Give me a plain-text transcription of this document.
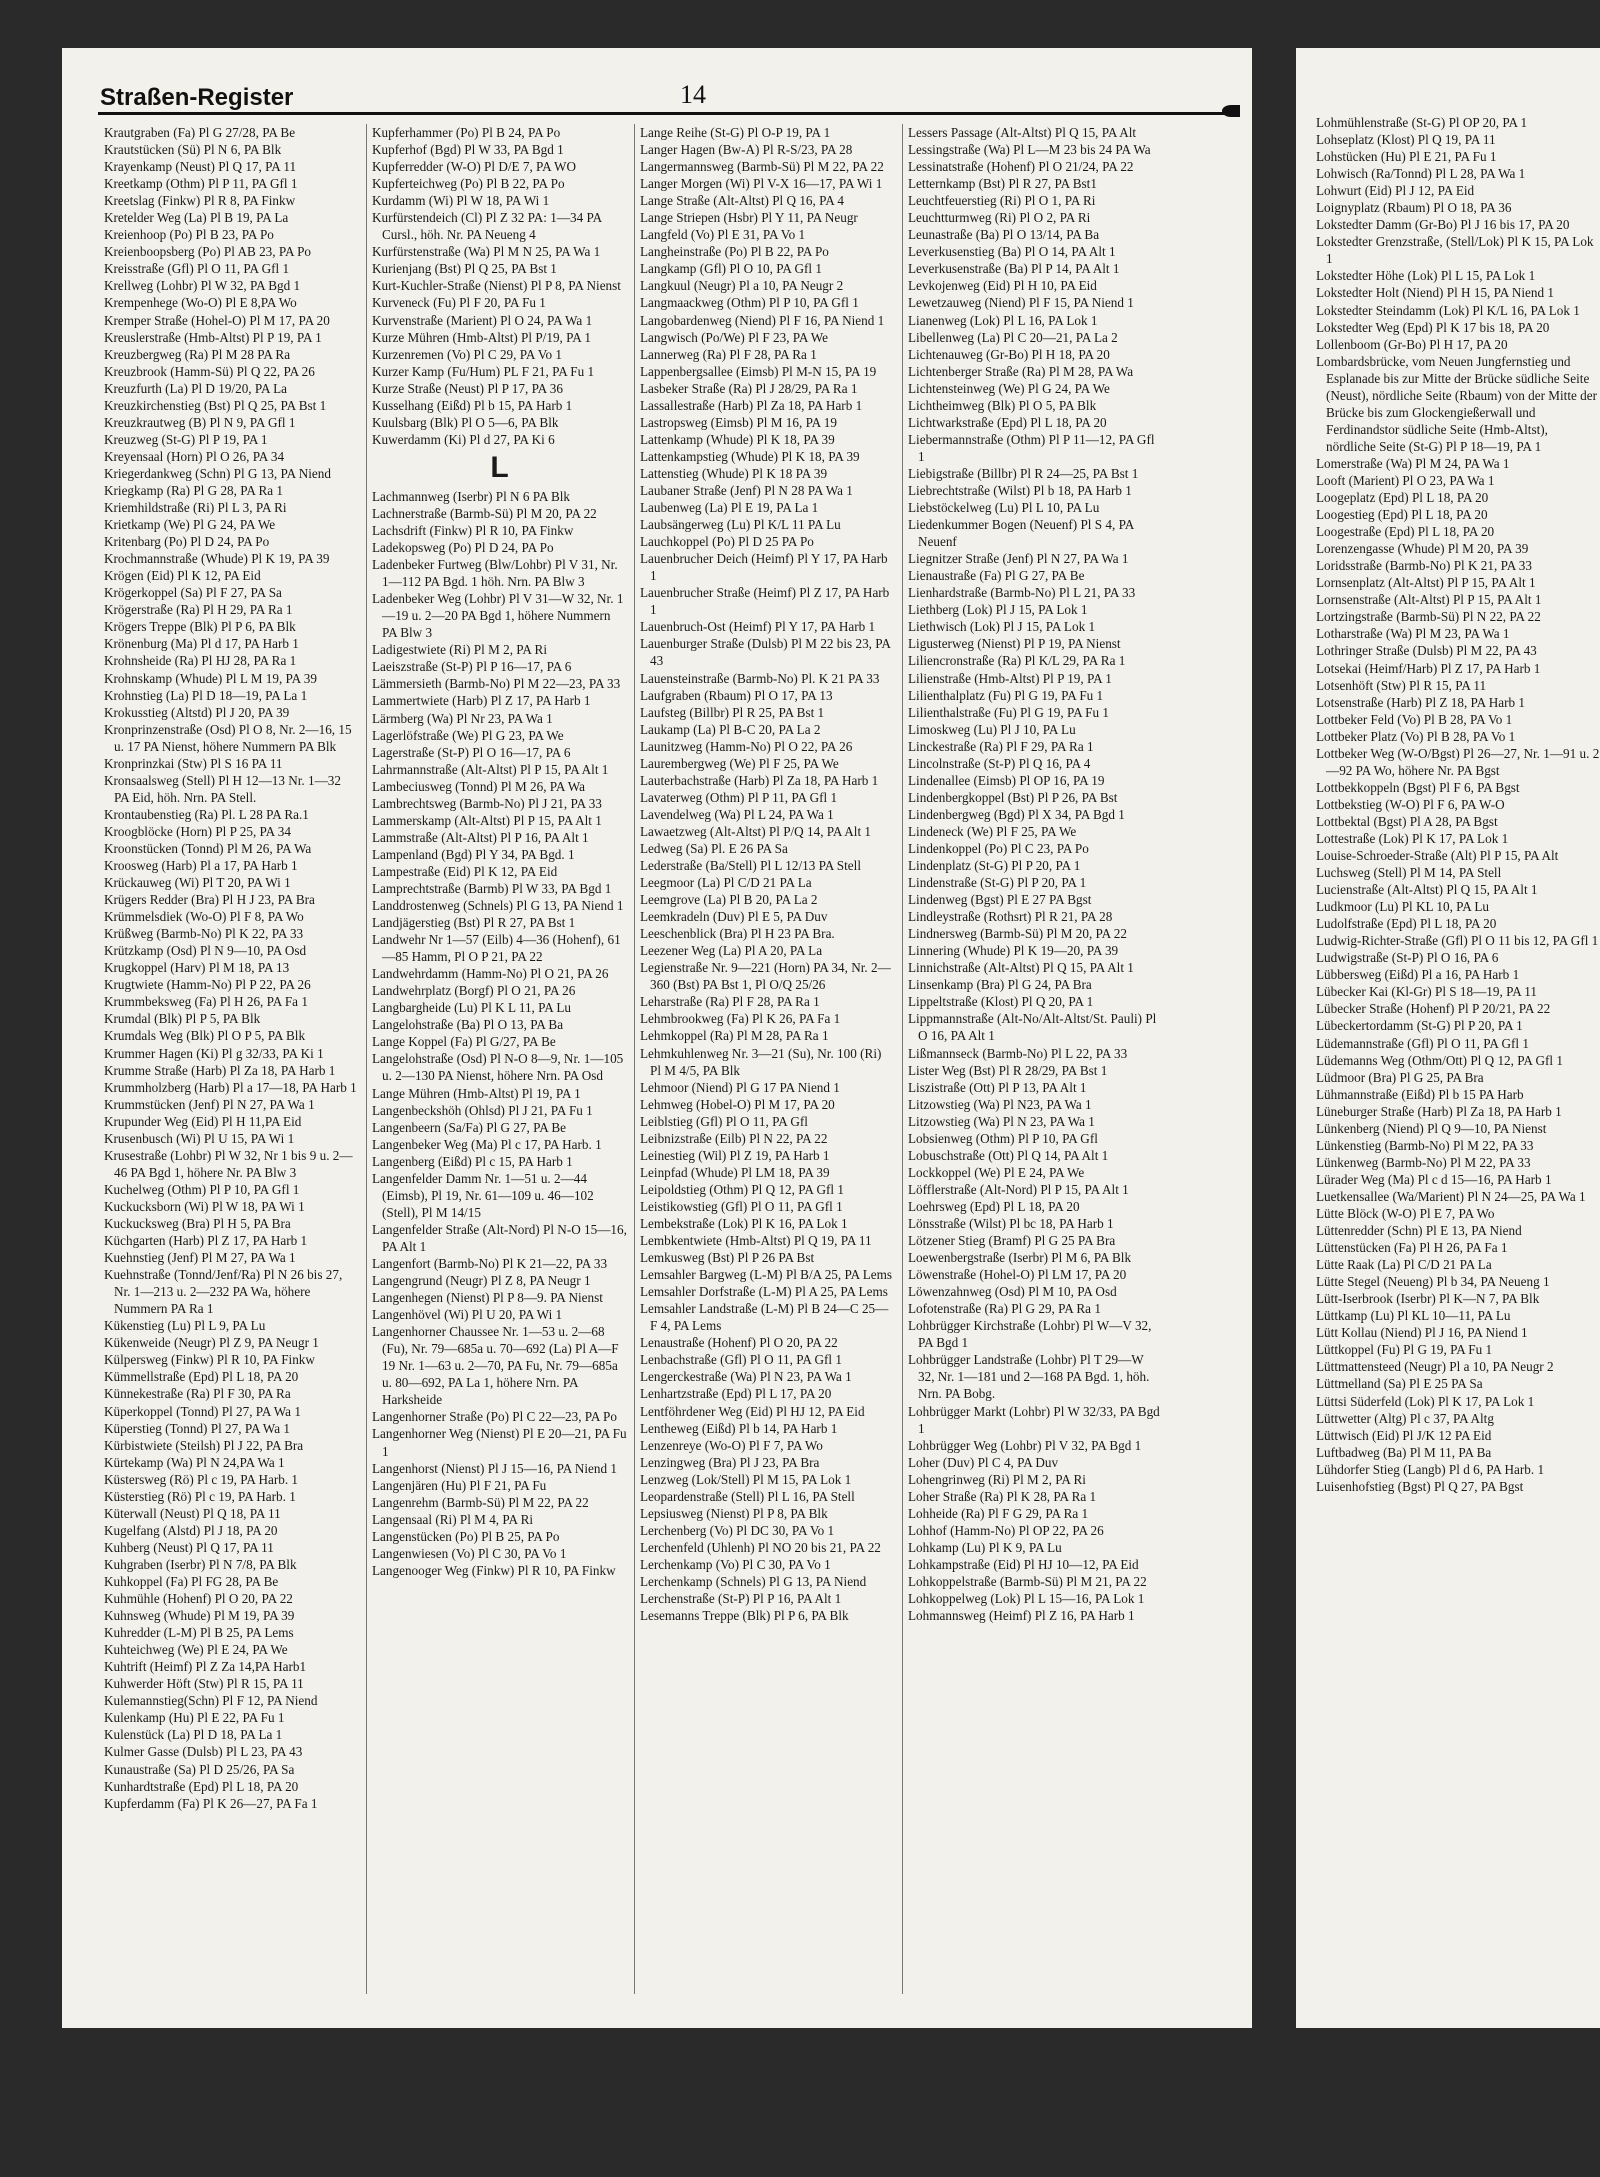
Straßen-Register	14

Krautgraben (Fa) Pl G 27/28, PA Be

Krautstücken (Sü) Pl N 6, PA Blk

Krayenkamp (Neust) Pl Q 17, PA 11

Kreetkamp (Othm) Pl P 11, PA Gfl 1

Kreetslag (Finkw) Pl R 8, PA Finkw

Kretelder Weg (La) Pl B 19, PA La

Kreienhoop (Po) Pl B 23, PA Po

Kreienboopsberg (Po) Pl AB 23, PA Po

Kreisstraße (Gfl) Pl O 11, PA Gfl 1

Krellweg (Lohbr) Pl W 32, PA Bgd 1

Krempenhege (Wo-O) Pl E 8,PA Wo

Kremper Straße (Hohel-O) Pl M 17, PA 20

Kreuslerstraße (Hmb-Altst) Pl P 19, PA 1

Kreuzbergweg (Ra) Pl M 28 PA Ra

Kreuzbrook (Hamm-Sü) Pl Q 22, PA 26

Kreuzfurth (La) Pl D 19/20, PA La

Kreuzkirchenstieg (Bst) Pl Q 25, PA Bst 1

Kreuzkrautweg (B) Pl N 9, PA Gfl 1

Kreuzweg (St-G) Pl P 19, PA 1

Kreyensaal (Horn) Pl O 26, PA 34

Kriegerdankweg (Schn) Pl G 13, PA Niend

Kriegkamp (Ra) Pl G 28, PA Ra 1

Kriemhildstraße (Ri) Pl L 3, PA Ri

Krietkamp (We) Pl G 24, PA We

Kritenbarg (Po) Pl D 24, PA Po

Krochmannstraße (Whude) Pl K 19, PA 39

Krögen (Eid) Pl K 12, PA Eid

Krögerkoppel (Sa) Pl F 27, PA Sa

Krögerstraße (Ra) Pl H 29, PA Ra 1

Krögers Treppe (Blk) Pl P 6, PA Blk

Krönenburg (Ma) Pl d 17, PA Harb 1

Krohnsheide (Ra) Pl HJ 28, PA Ra 1

Krohnskamp (Whude) Pl L M 19, PA 39

Krohnstieg (La) Pl D 18—19, PA La 1

Krokusstieg (Altstd) Pl J 20, PA 39

Kronprinzenstraße (Osd) Pl O 8, Nr. 2—16, 15 u. 17 PA Nienst, höhere Nummern PA Blk

Kronprinzkai (Stw) Pl S 16 PA 11

Kronsaalsweg (Stell) Pl H 12—13 Nr. 1—32 PA Eid, höh. Nrn. PA Stell.

Krontaubenstieg (Ra) Pl. L 28 PA Ra.1

Kroogblöcke (Horn) Pl P 25, PA 34

Kroonstücken (Tonnd) Pl M 26, PA Wa

Kroosweg (Harb) Pl a 17, PA Harb 1

Krückauweg (Wi) Pl T 20, PA Wi 1

Krügers Redder (Bra) Pl H J 23, PA Bra

Krümmelsdiek (Wo-O) Pl F 8, PA Wo

Krüßweg (Barmb-No) Pl K 22, PA 33

Krützkamp (Osd) Pl N 9—10, PA Osd

Krugkoppel (Harv) Pl M 18, PA 13

Krugtwiete (Hamm-No) Pl P 22, PA 26

Krummbeksweg (Fa) Pl H 26, PA Fa 1

Krumdal (Blk) Pl P 5, PA Blk

Krumdals Weg (Blk) Pl O P 5, PA Blk

Krummer Hagen (Ki) Pl g 32/33, PA Ki 1

Krumme Straße (Harb) Pl Za 18, PA Harb 1

Krummholzberg (Harb) Pl a 17—18, PA Harb 1

Krummstücken (Jenf) Pl N 27, PA Wa 1

Krupunder Weg (Eid) Pl H 11,PA Eid

Krusenbusch (Wi) Pl U 15, PA Wi 1

Krusestraße (Lohbr) Pl W 32, Nr 1 bis 9 u. 2—46 PA Bgd 1, höhere Nr. PA Blw 3

Kuchelweg (Othm) Pl P 10, PA Gfl 1

Kuckucksborn (Wi) Pl W 18, PA Wi 1

Kuckucksweg (Bra) Pl H 5, PA Bra

Küchgarten (Harb) Pl Z 17, PA Harb 1

Kuehnstieg (Jenf) Pl M 27, PA Wa 1

Kuehnstraße (Tonnd/Jenf/Ra) Pl N 26 bis 27, Nr. 1—213 u. 2—232 PA Wa, höhere Nummern PA Ra 1

Kükenstieg (Lu) Pl L 9, PA Lu

Kükenweide (Neugr) Pl Z 9, PA Neugr 1

Külpersweg (Finkw) Pl R 10, PA Finkw

Kümmellstraße (Epd) Pl L 18, PA 20

Künnekestraße (Ra) Pl F 30, PA Ra

Küperkoppel (Tonnd) Pl 27, PA Wa 1

Küperstieg (Tonnd) Pl 27, PA Wa 1

Kürbistwiete (Steilsh) Pl J 22, PA Bra

Kürtekamp (Wa) Pl N 24,PA Wa 1

Küstersweg (Rö) Pl c 19, PA Harb. 1

Küsterstieg (Rö) Pl c 19, PA Harb. 1

Küterwall (Neust) Pl Q 18, PA 11

Kugelfang (Alstd) Pl J 18, PA 20

Kuhberg (Neust) Pl Q 17, PA 11

Kuhgraben (Iserbr) Pl N 7/8, PA Blk

Kuhkoppel (Fa) Pl FG 28, PA Be

Kuhmühle (Hohenf) Pl O 20, PA 22

Kuhnsweg (Whude) Pl M 19, PA 39

Kuhredder (L-M) Pl B 25, PA Lems

Kuhteichweg (We) Pl E 24, PA We

Kuhtrift (Heimf) Pl Z Za 14,PA Harb1

Kuhwerder Höft (Stw) Pl R 15, PA 11

Kulemannstieg(Schn) Pl F 12, PA Niend

Kulenkamp (Hu) Pl E 22, PA Fu 1

Kulenstück (La) Pl D 18, PA La 1

Kulmer Gasse (Dulsb) Pl L 23, PA 43

Kunaustraße (Sa) Pl D 25/26, PA Sa

Kunhardtstraße (Epd) Pl L 18, PA 20

Kupferdamm (Fa) Pl K 26—27, PA Fa 1

Kupferhammer (Po) Pl B 24, PA Po

Kupferhof (Bgd) Pl W 33, PA Bgd 1

Kupferredder (W-O) Pl D/E 7, PA WO

Kupferteichweg (Po) Pl B 22, PA Po

Kurdamm (Wi) Pl W 18, PA Wi 1

Kurfürstendeich (Cl) Pl Z 32 PA: 1—34 PA Cursl., höh. Nr. PA Neueng 4

Kurfürstenstraße (Wa) Pl M N 25, PA Wa 1

Kurienjang (Bst) Pl Q 25, PA Bst 1

Kurt-Kuchler-Straße (Nienst) Pl P 8, PA Nienst

Kurveneck (Fu) Pl F 20, PA Fu 1

Kurvenstraße (Marient) Pl O 24, PA Wa 1

Kurze Mühren (Hmb-Altst) Pl P/19, PA 1

Kurzenremen (Vo) Pl C 29, PA Vo 1

Kurzer Kamp (Fu/Hum) PL F 21, PA Fu 1

Kurze Straße (Neust) Pl P 17, PA 36

Kusselhang (Eißd) Pl b 15, PA Harb 1

Kuulsbarg (Blk) Pl O 5—6, PA Blk

Kuwerdamm (Ki) Pl d 27, PA Ki 6

L

Lachmannweg (Iserbr) Pl N 6 PA Blk

Lachnerstraße (Barmb-Sü) Pl M 20, PA 22

Lachsdrift (Finkw) Pl R 10, PA Finkw

Ladekopsweg (Po) Pl D 24, PA Po

Ladenbeker Furtweg (Blw/Lohbr) Pl V 31, Nr. 1—112 PA Bgd. 1 höh. Nrn. PA Blw 3

Ladenbeker Weg (Lohbr) Pl V 31—W 32, Nr. 1—19 u. 2—20 PA Bgd 1, höhere Nummern PA Blw 3

Ladigestwiete (Ri) Pl M 2, PA Ri

Laeiszstraße (St-P) Pl P 16—17, PA 6

Lämmersieth (Barmb-No) Pl M 22—23, PA 33

Lammertwiete (Harb) Pl Z 17, PA Harb 1

Lärmberg (Wa) Pl Nr 23, PA Wa 1

Lagerlöfstraße (We) Pl G 23, PA We

Lagerstraße (St-P) Pl O 16—17, PA 6

Lahrmannstraße (Alt-Altst) Pl P 15, PA Alt 1

Lambeciusweg (Tonnd) Pl M 26, PA Wa

Lambrechtsweg (Barmb-No) Pl J 21, PA 33

Lammerskamp (Alt-Altst) Pl P 15, PA Alt 1

Lammstraße (Alt-Altst) Pl P 16, PA Alt 1

Lampenland (Bgd) Pl Y 34, PA Bgd. 1

Lampestraße (Eid) Pl K 12, PA Eid

Lamprechtstraße (Barmb) Pl W 33, PA Bgd 1

Landdrostenweg (Schnels) Pl G 13, PA Niend 1

Landjägerstieg (Bst) Pl R 27, PA Bst 1

Landwehr Nr 1—57 (Eilb) 4—36 (Hohenf), 61—85 Hamm, Pl O P 21, PA 22

Landwehrdamm (Hamm-No) Pl O 21, PA 26

Landwehrplatz (Borgf) Pl O 21, PA 26

Langbargheide (Lu) Pl K L 11, PA Lu

Langelohstraße (Ba) Pl O 13, PA Ba

Lange Koppel (Fa) Pl G/27, PA Be

Langelohstraße (Osd) Pl N-O 8—9, Nr. 1—105 u. 2—130 PA Nienst, höhere Nrn. PA Osd

Lange Mühren (Hmb-Altst) Pl 19, PA 1

Langenbeckshöh (Ohlsd) Pl J 21, PA Fu 1

Langenbeern (Sa/Fa) Pl G 27, PA Be

Langenbeker Weg (Ma) Pl c 17, PA Harb. 1

Langenberg (Eißd) Pl c 15, PA Harb 1

Langenfelder Damm Nr. 1—51 u. 2—44 (Eimsb), Pl 19, Nr. 61—109 u. 46—102 (Stell), Pl M 14/15

Langenfelder Straße (Alt-Nord) Pl N-O 15—16, PA Alt 1

Langenfort (Barmb-No) Pl K 21—22, PA 33

Langengrund (Neugr) Pl Z 8, PA Neugr 1

Langenhegen (Nienst) Pl P 8—9. PA Nienst

Langenhövel (Wi) Pl U 20, PA Wi 1

Langenhorner Chaussee Nr. 1—53 u. 2—68 (Fu), Nr. 79—685a u. 70—692 (La) Pl A—F 19 Nr. 1—63 u. 2—70, PA Fu, Nr. 79—685a u. 80—692, PA La 1, höhere Nrn. PA Harksheide

Langenhorner Straße (Po) Pl C 22—23, PA Po

Langenhorner Weg (Nienst) Pl E 20—21, PA Fu 1

Langenhorst (Nienst) Pl J 15—16, PA Niend 1

Langenjären (Hu) Pl F 21, PA Fu

Langenrehm (Barmb-Sü) Pl M 22, PA 22

Langensaal (Ri) Pl M 4, PA Ri

Langenstücken (Po) Pl B 25, PA Po

Langenwiesen (Vo) Pl C 30, PA Vo 1

Langenooger Weg (Finkw) Pl R 10, PA Finkw

Lange Reihe (St-G) Pl O-P 19, PA 1

Langer Hagen (Bw-A) Pl R-S/23, PA 28

Langermannsweg (Barmb-Sü) Pl M 22, PA 22

Langer Morgen (Wi) Pl V-X 16—17, PA Wi 1

Lange Straße (Alt-Altst) Pl Q 16, PA 4

Lange Striepen (Hsbr) Pl Y 11, PA Neugr

Langfeld (Vo) Pl E 31, PA Vo 1

Langheinstraße (Po) Pl B 22, PA Po

Langkamp (Gfl) Pl O 10, PA Gfl 1

Langkuul (Neugr) Pl a 10, PA Neugr 2

Langmaackweg (Othm) Pl P 10, PA Gfl 1

Langobardenweg (Niend) Pl F 16, PA Niend 1

Langwisch (Po/We) Pl F 23, PA We

Lannerweg (Ra) Pl F 28, PA Ra 1

Lappenbergsallee (Eimsb) Pl M-N 15, PA 19

Lasbeker Straße (Ra) Pl J 28/29, PA Ra 1

Lassallestraße (Harb) Pl Za 18, PA Harb 1

Lastropsweg (Eimsb) Pl M 16, PA 19

Lattenkamp (Whude) Pl K 18, PA 39

Lattenkampstieg (Whude) Pl K 18, PA 39

Lattenstieg (Whude) Pl K 18 PA 39

Laubaner Straße (Jenf) Pl N 28 PA Wa 1

Laubenweg (La) Pl E 19, PA La 1

Laubsängerweg (Lu) Pl K/L 11 PA Lu

Lauchkoppel (Po) Pl D 25 PA Po

Lauenbrucher Deich (Heimf) Pl Y 17, PA Harb 1

Lauenbrucher Straße (Heimf) Pl Z 17, PA Harb 1

Lauenbruch-Ost (Heimf) Pl Y 17, PA Harb 1

Lauenburger Straße (Dulsb) Pl M 22 bis 23, PA 43

Lauensteinstraße (Barmb-No) Pl. K 21 PA 33

Laufgraben (Rbaum) Pl O 17, PA 13

Laufsteg (Billbr) Pl R 25, PA Bst 1

Laukamp (La) Pl B-C 20, PA La 2

Launitzweg (Hamm-No) Pl O 22, PA 26

Laurembergweg (We) Pl F 25, PA We

Lauterbachstraße (Harb) Pl Za 18, PA Harb 1

Lavaterweg (Othm) Pl P 11, PA Gfl 1

Lavendelweg (Wa) Pl L 24, PA Wa 1

Lawaetzweg (Alt-Altst) Pl P/Q 14, PA Alt 1

Ledweg (Sa) Pl. E 26 PA Sa

Lederstraße (Ba/Stell) Pl L 12/13 PA Stell

Leegmoor (La) Pl C/D 21 PA La

Leemgrove (La) Pl B 20, PA La 2

Leemkradeln (Duv) Pl E 5, PA Duv

Leeschenblick (Bra) Pl H 23 PA Bra.

Leezener Weg (La) Pl A 20, PA La

Legienstraße Nr. 9—221 (Horn) PA 34, Nr. 2—360 (Bst) PA Bst 1, Pl O/Q 25/26

Leharstraße (Ra) Pl F 28, PA Ra 1

Lehmbrookweg (Fa) Pl K 26, PA Fa 1

Lehmkoppel (Ra) Pl M 28, PA Ra 1

Lehmkuhlenweg Nr. 3—21 (Su), Nr. 100 (Ri) Pl M 4/5, PA Blk

Lehmoor (Niend) Pl G 17 PA Niend 1

Lehmweg (Hobel-O) Pl M 17, PA 20

Leiblstieg (Gfl) Pl O 11, PA Gfl

Leibnizstraße (Eilb) Pl N 22, PA 22

Leinestieg (Wil) Pl Z 19, PA Harb 1

Leinpfad (Whude) Pl LM 18, PA 39

Leipoldstieg (Othm) Pl Q 12, PA Gfl 1

Leistikowstieg (Gfl) Pl O 11, PA Gfl 1

Lembekstraße (Lok) Pl K 16, PA Lok 1

Lembkentwiete (Hmb-Altst) Pl Q 19, PA 11

Lemkusweg (Bst) Pl P 26 PA Bst

Lemsahler Bargweg (L-M) Pl B/A 25, PA Lems

Lemsahler Dorfstraße (L-M) Pl A 25, PA Lems

Lemsahler Landstraße (L-M) Pl B 24—C 25—F 4, PA Lems

Lenaustraße (Hohenf) Pl O 20, PA 22

Lenbachstraße (Gfl) Pl O 11, PA Gfl 1

Lengerckestraße (Wa) Pl N 23, PA Wa 1

Lenhartzstraße (Epd) Pl L 17, PA 20

Lentföhrdener Weg (Eid) Pl HJ 12, PA Eid

Lentheweg (Eißd) Pl b 14, PA Harb 1

Lenzenreye (Wo-O) Pl F 7, PA Wo

Lenzingweg (Bra) Pl J 23, PA Bra

Lenzweg (Lok/Stell) Pl M 15, PA Lok 1

Leopardenstraße (Stell) Pl L 16, PA Stell

Lepsiusweg (Nienst) Pl P 8, PA Blk

Lerchenberg (Vo) Pl DC 30, PA Vo 1

Lerchenfeld (Uhlenh) Pl NO 20 bis 21, PA 22

Lerchenkamp (Vo) Pl C 30, PA Vo 1

Lerchenkamp (Schnels) Pl G 13, PA Niend

Lerchenstraße (St-P) Pl P 16, PA Alt 1

Lesemanns Treppe (Blk) Pl P 6, PA Blk

Lessers Passage (Alt-Altst) Pl Q 15, PA Alt

Lessingstraße (Wa) Pl L—M 23 bis 24 PA Wa

Lessinatstraße (Hohenf) Pl O 21/24, PA 22

Letternkamp (Bst) Pl R 27, PA Bst1

Leuchtfeuerstieg (Ri) Pl O 1, PA Ri

Leuchtturmweg (Ri) Pl O 2, PA Ri

Leunastraße (Ba) Pl O 13/14, PA Ba

Leverkusenstieg (Ba) Pl O 14, PA Alt 1

Leverkusenstraße (Ba) Pl P 14, PA Alt 1

Levkojenweg (Eid) Pl H 10, PA Eid

Lewetzauweg (Niend) Pl F 15, PA Niend 1

Lianenweg (Lok) Pl L 16, PA Lok 1

Libellenweg (La) Pl C 20—21, PA La 2

Lichtenauweg (Gr-Bo) Pl H 18, PA 20

Lichtenberger Straße (Ra) Pl M 28, PA Wa

Lichtensteinweg (We) Pl G 24, PA We

Lichtheimweg (Blk) Pl O 5, PA Blk

Lichtwarkstraße (Epd) Pl L 18, PA 20

Liebermannstraße (Othm) Pl P 11—12, PA Gfl 1

Liebigstraße (Billbr) Pl R 24—25, PA Bst 1

Liebrechtstraße (Wilst) Pl b 18, PA Harb 1

Liebstöckelweg (Lu) Pl L 10, PA Lu

Liedenkummer Bogen (Neuenf) Pl S 4, PA Neuenf

Liegnitzer Straße (Jenf) Pl N 27, PA Wa 1

Lienaustraße (Fa) Pl G 27, PA Be

Lienhardstraße (Barmb-No) Pl L 21, PA 33

Liethberg (Lok) Pl J 15, PA Lok 1

Liethwisch (Lok) Pl J 15, PA Lok 1

Ligusterweg (Nienst) Pl P 19, PA Nienst

Liliencronstraße (Ra) Pl K/L 29, PA Ra 1

Lilienstraße (Hmb-Altst) Pl P 19, PA 1

Lilienthalplatz (Fu) Pl G 19, PA Fu 1

Lilienthalstraße (Fu) Pl G 19, PA Fu 1

Limoskweg (Lu) Pl J 10, PA Lu

Linckestraße (Ra) Pl F 29, PA Ra 1

Lincolnstraße (St-P) Pl Q 16, PA 4

Lindenallee (Eimsb) Pl OP 16, PA 19

Lindenbergkoppel (Bst) Pl P 26, PA Bst

Lindenbergweg (Bgd) Pl X 34, PA Bgd 1

Lindeneck (We) Pl F 25, PA We

Lindenkoppel (Po) Pl C 23, PA Po

Lindenplatz (St-G) Pl P 20, PA 1

Lindenstraße (St-G) Pl P 20, PA 1

Lindenweg (Bgst) Pl E 27 PA Bgst

Lindleystraße (Rothsrt) Pl R 21, PA 28

Lindnersweg (Barmb-Sü) Pl M 20, PA 22

Linnering (Whude) Pl K 19—20, PA 39

Linnichstraße (Alt-Altst) Pl Q 15, PA Alt 1

Linsenkamp (Bra) Pl G 24, PA Bra

Lippeltstraße (Klost) Pl Q 20, PA 1

Lippmannstraße (Alt-No/Alt-Altst/St. Pauli) Pl O 16, PA Alt 1

Lißmannseck (Barmb-No) Pl L 22, PA 33

Lister Weg (Bst) Pl R 28/29, PA Bst 1

Liszistraße (Ott) Pl P 13, PA Alt 1

Litzowstieg (Wa) Pl N23, PA Wa 1

Litzowstieg (Wa) Pl N 23, PA Wa 1

Lobsienweg (Othm) Pl P 10, PA Gfl

Lobuschstraße (Ott) Pl Q 14, PA Alt 1

Lockkoppel (We) Pl E 24, PA We

Löfflerstraße (Alt-Nord) Pl P 15, PA Alt 1

Loehrsweg (Epd) Pl L 18, PA 20

Lönsstraße (Wilst) Pl bc 18, PA Harb 1

Lötzener Stieg (Bramf) Pl G 25 PA Bra

Loewenbergstraße (Iserbr) Pl M 6, PA Blk

Löwenstraße (Hohel-O) Pl LM 17, PA 20

Löwenzahnweg (Osd) Pl M 10, PA Osd

Lofotenstraße (Ra) Pl G 29, PA Ra 1

Lohbrügger Kirchstraße (Lohbr) Pl W—V 32, PA Bgd 1

Lohbrügger Landstraße (Lohbr) Pl T 29—W 32, Nr. 1—181 und 2—168 PA Bgd. 1, höh. Nrn. PA Bobg.

Lohbrügger Markt (Lohbr) Pl W 32/33, PA Bgd 1

Lohbrügger Weg (Lohbr) Pl V 32, PA Bgd 1

Loher (Duv) Pl C 4, PA Duv

Lohengrinweg (Ri) Pl M 2, PA Ri

Loher Straße (Ra) Pl K 28, PA Ra 1

Lohheide (Ra) Pl F G 29, PA Ra 1

Lohhof (Hamm-No) Pl OP 22, PA 26

Lohkamp (Lu) Pl K 9, PA Lu

Lohkampstraße (Eid) Pl HJ 10—12, PA Eid

Lohkoppelstraße (Barmb-Sü) Pl M 21, PA 22

Lohkoppelweg (Lok) Pl L 15—16, PA Lok 1

Lohmannsweg (Heimf) Pl Z 16, PA Harb 1

Lohmühlenstraße (St-G) Pl OP 20, PA 1

Lohseplatz (Klost) Pl Q 19, PA 11

Lohstücken (Hu) Pl E 21, PA Fu 1

Lohwisch (Ra/Tonnd) Pl L 28, PA Wa 1

Lohwurt (Eid) Pl J 12, PA Eid

Loignyplatz (Rbaum) Pl O 18, PA 36

Lokstedter Damm (Gr-Bo) Pl J 16 bis 17, PA 20

Lokstedter Grenzstraße, (Stell/Lok) Pl K 15, PA Lok 1

Lokstedter Höhe (Lok) Pl L 15, PA Lok 1

Lokstedter Holt (Niend) Pl H 15, PA Niend 1

Lokstedter Steindamm (Lok) Pl K/L 16, PA Lok 1

Lokstedter Weg (Epd) Pl K 17 bis 18, PA 20

Lollenboom (Gr-Bo) Pl H 17, PA 20

Lombardsbrücke, vom Neuen Jungfernstieg und Esplanade bis zur Mitte der Brücke südliche Seite (Neust), nördliche Seite (Rbaum) von der Mitte der Brücke bis zum Glockengießerwall und Ferdinandstor südliche Seite (Hmb-Altst), nördliche Seite (St-G) Pl P 18—19, PA 1

Lomerstraße (Wa) Pl M 24, PA Wa 1

Looft (Marient) Pl O 23, PA Wa 1

Loogeplatz (Epd) Pl L 18, PA 20

Loogestieg (Epd) Pl L 18, PA 20

Loogestraße (Epd) Pl L 18, PA 20

Lorenzengasse (Whude) Pl M 20, PA 39

Loridsstraße (Barmb-No) Pl K 21, PA 33

Lornsenplatz (Alt-Altst) Pl P 15, PA Alt 1

Lornsenstraße (Alt-Altst) Pl P 15, PA Alt 1

Lortzingstraße (Barmb-Sü) Pl N 22, PA 22

Lotharstraße (Wa) Pl M 23, PA Wa 1

Lothringer Straße (Dulsb) Pl M 22, PA 43

Lotsekai (Heimf/Harb) Pl Z 17, PA Harb 1

Lotsenhöft (Stw) Pl R 15, PA 11

Lotsenstraße (Harb) Pl Z 18, PA Harb 1

Lottbeker Feld (Vo) Pl B 28, PA Vo 1

Lottbeker Platz (Vo) Pl B 28, PA Vo 1

Lottbeker Weg (W-O/Bgst) Pl 26—27, Nr. 1—91 u. 2—92 PA Wo, höhere Nr. PA Bgst

Lottbekkoppeln (Bgst) Pl F 6, PA Bgst

Lottbekstieg (W-O) Pl F 6, PA W-O

Lottbektal (Bgst) Pl A 28, PA Bgst

Lottestraße (Lok) Pl K 17, PA Lok 1

Louise-Schroeder-Straße (Alt) Pl P 15, PA Alt

Luchsweg (Stell) Pl M 14, PA Stell

Lucienstraße (Alt-Altst) Pl Q 15, PA Alt 1

Ludkmoor (Lu) Pl KL 10, PA Lu

Ludolfstraße (Epd) Pl L 18, PA 20

Ludwig-Richter-Straße (Gfl) Pl O 11 bis 12, PA Gfl 1

Ludwigstraße (St-P) Pl O 16, PA 6

Lübbersweg (Eißd) Pl a 16, PA Harb 1

Lübecker Kai (Kl-Gr) Pl S 18—19, PA 11

Lübecker Straße (Hohenf) Pl P 20/21, PA 22

Lübeckertordamm (St-G) Pl P 20, PA 1

Lüdemannstraße (Gfl) Pl O 11, PA Gfl 1

Lüdemanns Weg (Othm/Ott) Pl Q 12, PA Gfl 1

Lüdmoor (Bra) Pl G 25, PA Bra

Lühmannstraße (Eißd) Pl b 15 PA Harb

Lüneburger Straße (Harb) Pl Za 18, PA Harb 1

Lünkenberg (Niend) Pl Q 9—10, PA Nienst

Lünkenstieg (Barmb-No) Pl M 22, PA 33

Lünkenweg (Barmb-No) Pl M 22, PA 33

Lürader Weg (Ma) Pl c d 15—16, PA Harb 1

Luetkensallee (Wa/Marient) Pl N 24—25, PA Wa 1

Lütte Blöck (W-O) Pl E 7, PA Wo

Lüttenredder (Schn) Pl E 13, PA Niend

Lüttenstücken (Fa) Pl H 26, PA Fa 1

Lütte Raak (La) Pl C/D 21 PA La

Lütte Stegel (Neueng) Pl b 34, PA Neueng 1

Lütt-Iserbrook (Iserbr) Pl K—N 7, PA Blk

Lüttkamp (Lu) Pl KL 10—11, PA Lu

Lütt Kollau (Niend) Pl J 16, PA Niend 1

Lüttkoppel (Fu) Pl G 19, PA Fu 1

Lüttmattensteed (Neugr) Pl a 10, PA Neugr 2

Lüttmelland (Sa) Pl E 25 PA Sa

Lüttsi Süderfeld (Lok) Pl K 17, PA Lok 1

Lüttwetter (Altg) Pl c 37, PA Altg

Lüttwisch (Eid) Pl J/K 12 PA Eid

Luftbadweg (Ba) Pl M 11, PA Ba

Lühdorfer Stieg (Langb) Pl d 6, PA Harb. 1

Luisenhofstieg (Bgst) Pl Q 27, PA Bgst
